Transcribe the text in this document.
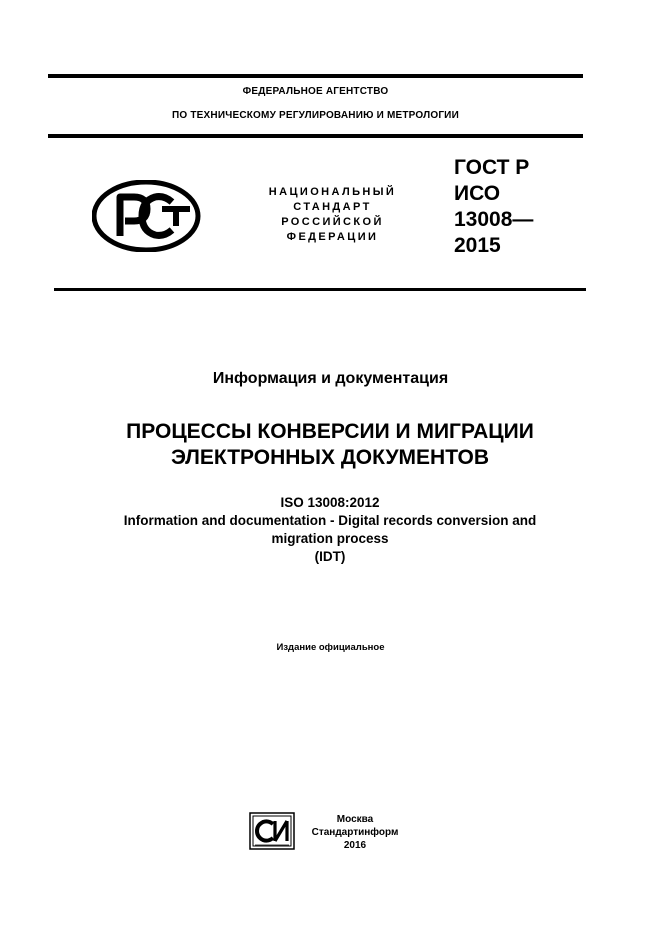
ФЕДЕРАЛЬНОЕ АГЕНТСТВО
ПО ТЕХНИЧЕСКОМУ РЕГУЛИРОВАНИЮ И МЕТРОЛОГИИ
НАЦИОНАЛЬНЫЙ
СТАНДАРТ
РОССИЙСКОЙ
ФЕДЕРАЦИИ
ГОСТ Р
ИСО
13008—
2015
Информация и документация
ПРОЦЕССЫ КОНВЕРСИИ И МИГРАЦИИ
ЭЛЕКТРОННЫХ ДОКУМЕНТОВ
ISO 13008:2012
Information and documentation - Digital records conversion and
migration process
(IDT)
Издание официальное
Москва
Стандартинформ
2016
